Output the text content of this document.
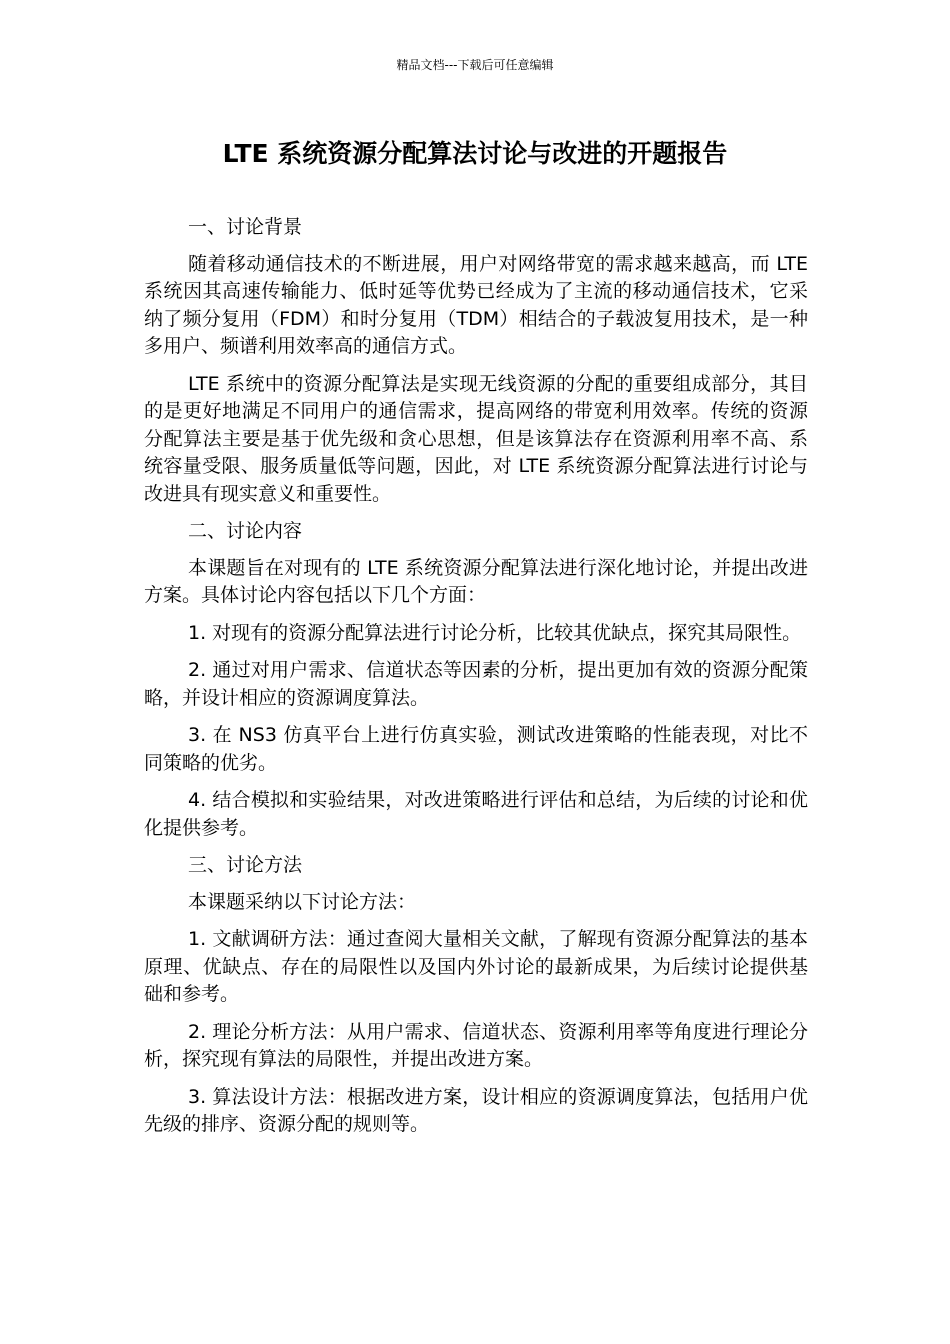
精品文档---下载后可任意编辑
LTE 系统资源分配算法讨论与改进的开题报告

一、讨论背景

随着移动通信技术的不断进展，用户对网络带宽的需求越来越高，而 LTE 系统因其高速传输能力、低时延等优势已经成为了主流的移动通信技术，它采纳了频分复用（FDM）和时分复用（TDM）相结合的子载波复用技术，是一种多用户、频谱利用效率高的通信方式。

LTE 系统中的资源分配算法是实现无线资源的分配的重要组成部分，其目的是更好地满足不同用户的通信需求，提高网络的带宽利用效率。传统的资源分配算法主要是基于优先级和贪心思想，但是该算法存在资源利用率不高、系统容量受限、服务质量低等问题，因此，对 LTE 系统资源分配算法进行讨论与改进具有现实意义和重要性。

二、讨论内容

本课题旨在对现有的 LTE 系统资源分配算法进行深化地讨论，并提出改进方案。具体讨论内容包括以下几个方面：

1. 对现有的资源分配算法进行讨论分析，比较其优缺点，探究其局限性。

2. 通过对用户需求、信道状态等因素的分析，提出更加有效的资源分配策略，并设计相应的资源调度算法。

3. 在 NS3 仿真平台上进行仿真实验，测试改进策略的性能表现，对比不同策略的优劣。

4. 结合模拟和实验结果，对改进策略进行评估和总结，为后续的讨论和优化提供参考。

三、讨论方法

本课题采纳以下讨论方法：

1. 文献调研方法：通过查阅大量相关文献，了解现有资源分配算法的基本原理、优缺点、存在的局限性以及国内外讨论的最新成果，为后续讨论提供基础和参考。

2. 理论分析方法：从用户需求、信道状态、资源利用率等角度进行理论分析，探究现有算法的局限性，并提出改进方案。

3. 算法设计方法：根据改进方案，设计相应的资源调度算法，包括用户优先级的排序、资源分配的规则等。
